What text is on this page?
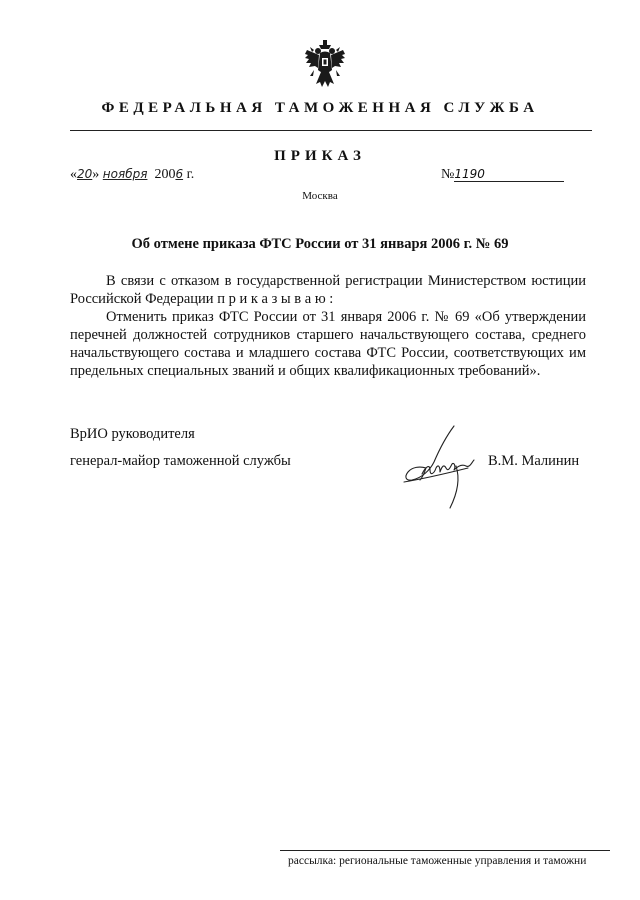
ФЕДЕРАЛЬНАЯ ТАМОЖЕННАЯ СЛУЖБА
ПРИКАЗ
«20» ноября 2006 г.	№1190
Москва
Об отмене приказа ФТС России от 31 января 2006 г. № 69

В связи с отказом в государственной регистрации Министерством юстиции Российской Федерации п р и к а з ы в а ю :

Отменить приказ ФТС России от 31 января 2006 г. № 69 «Об утверждении перечней должностей сотрудников старшего начальствующего состава, среднего начальствующего состава и младшего состава ФТС России, соответствующих им предельных специальных званий и общих квалификационных требований».

ВрИО руководителя
генерал-майор таможенной службы	В.М. Малинин
рассылка: региональные таможенные управления и таможни
